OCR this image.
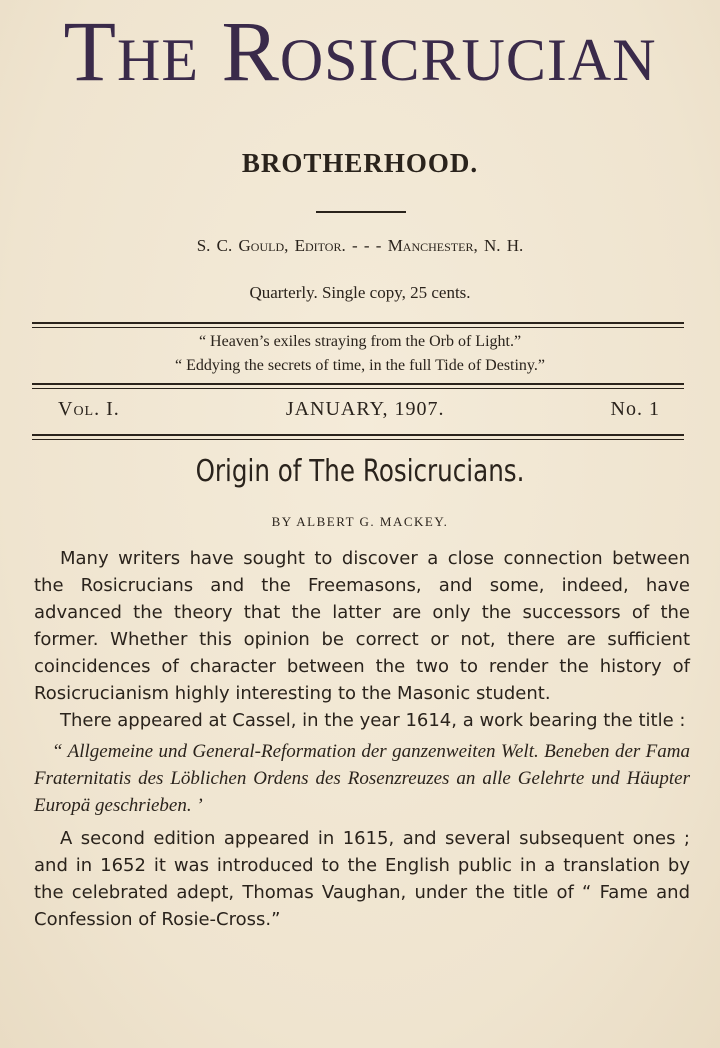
The Rosicrucian
BROTHERHOOD.
S. C. Gould, Editor. - - - Manchester, N. H.
Quarterly. Single copy, 25 cents.
“ Heaven’s exiles straying from the Orb of Light.”
“ Eddying the secrets of time, in the full Tide of Destiny.”
Vol. I.	JANUARY, 1907.	No. 1
Origin of The Rosicrucians.
BY ALBERT G. MACKEY.

Many writers have sought to discover a close connection between the Rosicrucians and the Freemasons, and some, indeed, have advanced the theory that the latter are only the successors of the former. Whether this opinion be correct or not, there are sufficient coincidences of character between the two to render the history of Rosicrucianism highly interesting to the Masonic student.

There appeared at Cassel, in the year 1614, a work bearing the title :

“ Allgemeine und General-Reformation der ganzenweiten Welt. Beneben der Fama Fraternitatis des Löblichen Ordens des Rosenzreuzes an alle Gelehrte und Häupter Europä geschrieben. ’

A second edition appeared in 1615, and several subsequent ones ; and in 1652 it was introduced to the English public in a translation by the celebrated adept, Thomas Vaughan, under the title of “ Fame and Confession of Rosie-Cross.”
